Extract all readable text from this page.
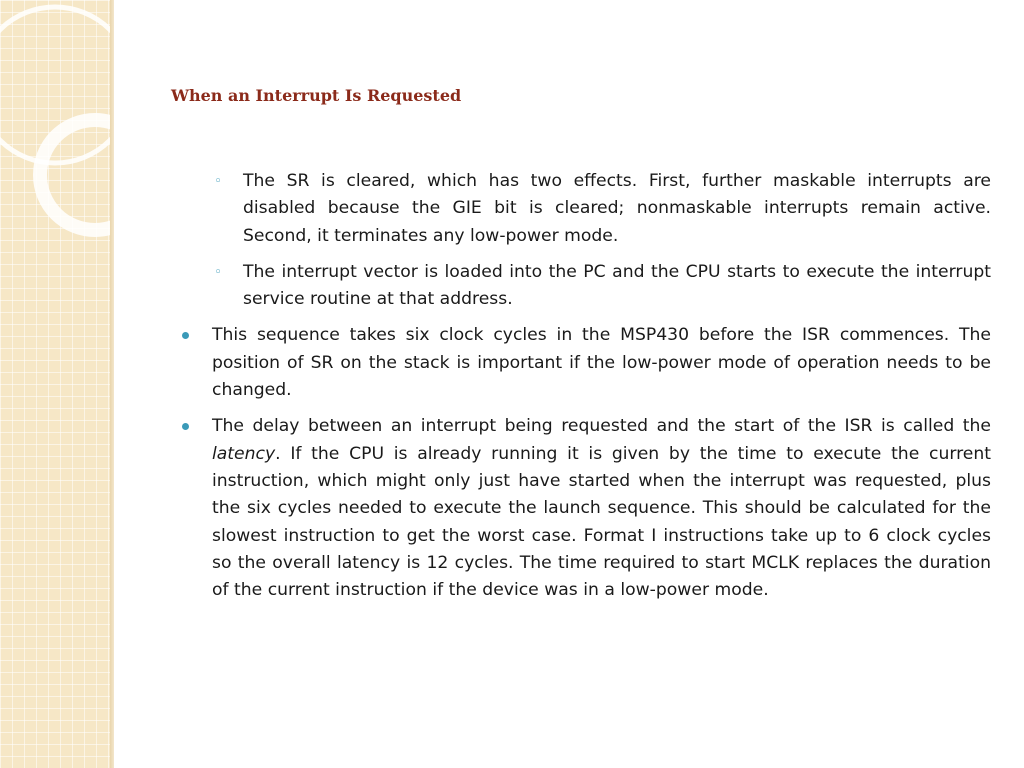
When an Interrupt Is Requested
◦
The SR is cleared, which has two effects. First, further maskable interrupts are disabled because the GIE bit is cleared; nonmaskable interrupts remain active. Second, it terminates any low-power mode.
◦
The interrupt vector is loaded into the PC and the CPU starts to execute the interrupt service routine at that address.
This sequence takes six clock cycles in the MSP430 before the ISR commences. The position of SR on the stack is important if the low-power mode of operation needs to be changed.
The delay between an interrupt being requested and the start of the ISR is called the latency. If the CPU is already running it is given by the time to execute the current instruction, which might only just have started when the interrupt was requested, plus the six cycles needed to execute the launch sequence. This should be calculated for the slowest instruction to get the worst case. Format I instructions take up to 6 clock cycles so the overall latency is 12 cycles. The time required to start MCLK replaces the duration of the current instruction if the device was in a low-power mode.
